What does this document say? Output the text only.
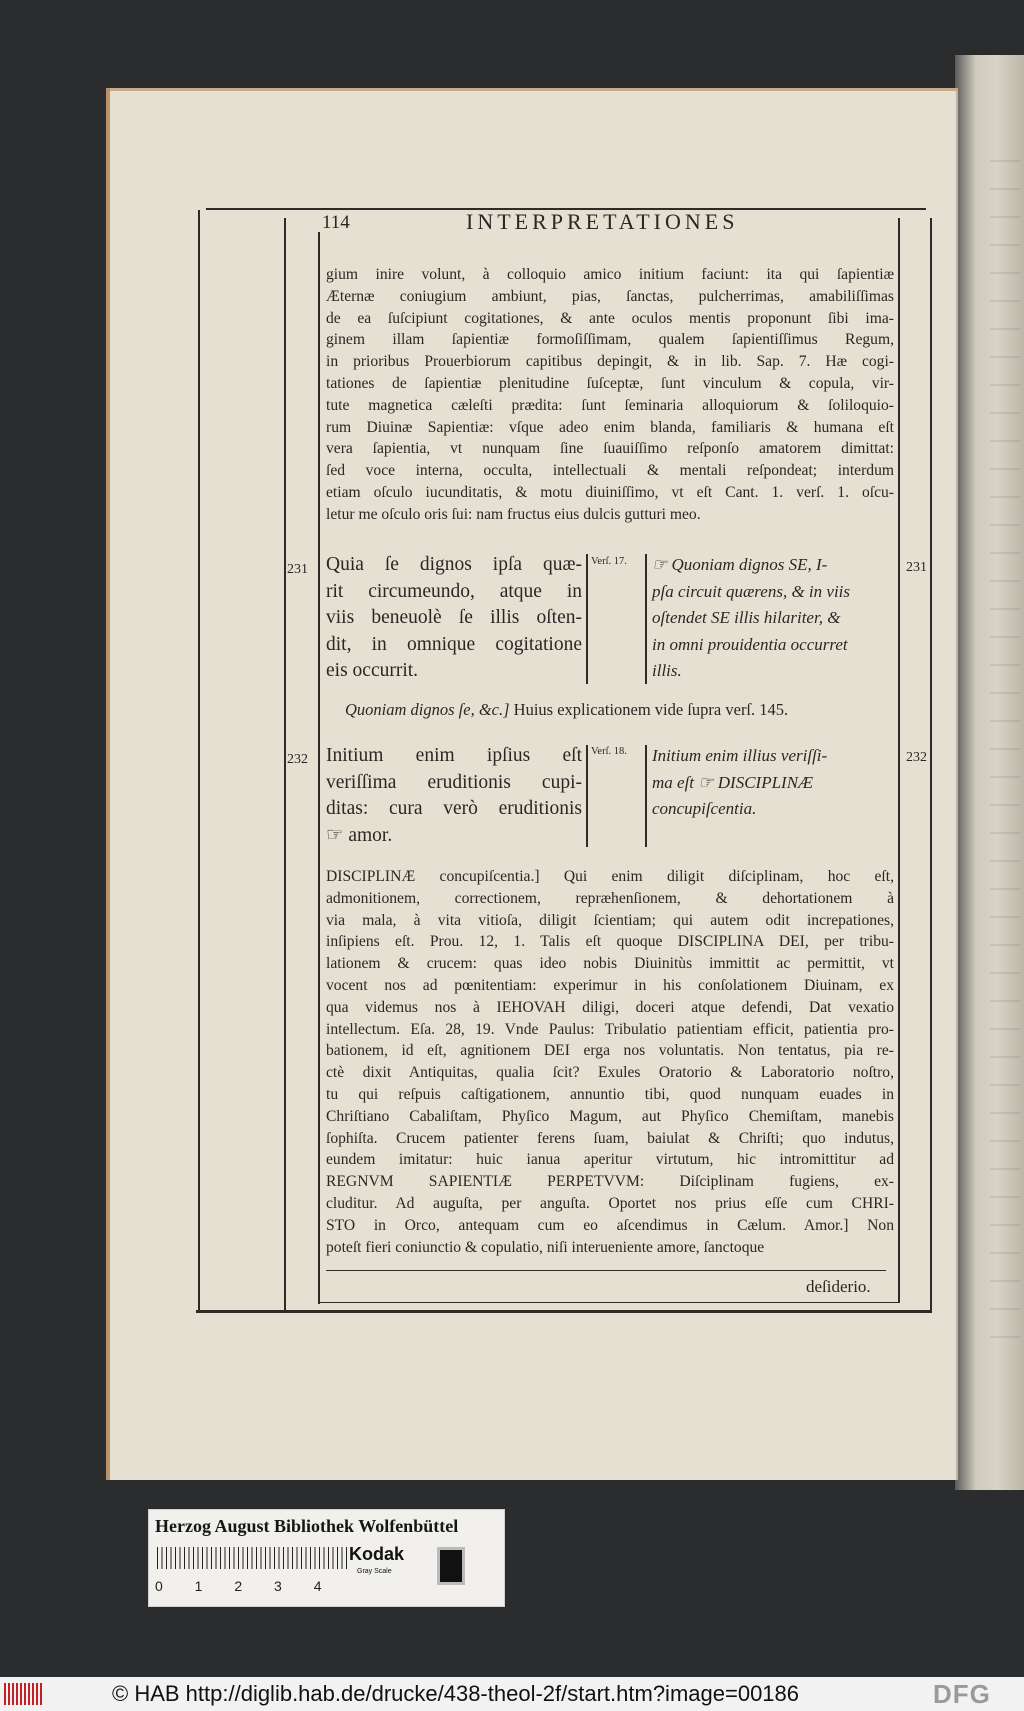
114	INTERPRETATIONES
gium inire volunt, à colloquio amico initium faciunt: ita qui ſapientiæ
Æternæ coniugium ambiunt, pias, ſanctas, pulcherrimas, amabiliſſimas
de ea ſuſcipiunt cogitationes, & ante oculos mentis proponunt ſibi ima-
ginem illam ſapientiæ formoſiſſimam, qualem ſapientiſſimus Regum,
in prioribus Prouerbiorum capitibus depingit, & in lib. Sap. 7. Hæ cogi-
tationes de ſapientiæ plenitudine ſuſceptæ, ſunt vinculum & copula, vir-
tute magnetica cæleſti prædita: ſunt ſeminaria alloquiorum & ſoliloquio-
rum Diuinæ Sapientiæ: vſque adeo enim blanda, familiaris & humana eſt
vera ſapientia, vt nunquam ſine ſuauiſſimo reſponſo amatorem dimittat:
ſed voce interna, occulta, intellectuali & mentali reſpondeat; interdum
etiam oſculo iucunditatis, & motu diuiniſſimo, vt eſt Cant. 1. verſ. 1. oſcu-
letur me oſculo oris ſui: nam fructus eius dulcis gutturi meo.
231	231
Verſ. 17.
Quia ſe dignos ipſa quæ-
rit circumeundo, atque in
viis beneuolè ſe illis oſten-
dit, in omnique cogitatione
eis occurrit.
☞ Quoniam dignos SE, I-
pſa circuit quærens, & in viis
oſtendet SE illis hilariter, &
in omni prouidentia occurret
illis.
Quoniam dignos ſe, &c.] Huius explicationem vide ſupra verſ. 145.
232	232
Verſ. 18.
Initium enim ipſius eſt
veriſſima eruditionis cupi-
ditas: cura verò eruditionis
☞ amor.
Initium enim illius veriſſi-
ma eſt ☞ DISCIPLINÆ
concupiſcentia.
DISCIPLINÆ concupiſcentia.] Qui enim diligit diſciplinam, hoc eſt,
admonitionem, correctionem, repræhenſionem, & dehortationem à
via mala, à vita vitioſa, diligit ſcientiam; qui autem odit increpationes,
inſipiens eſt. Prou. 12, 1. Talis eſt quoque DISCIPLINA DEI, per tribu-
lationem & crucem: quas ideo nobis Diuinitùs immittit ac permittit, vt
vocent nos ad pœnitentiam: experimur in his conſolationem Diuinam, ex
qua videmus nos à IEHOVAH diligi, doceri atque defendi, Dat vexatio
intellectum. Eſa. 28, 19. Vnde Paulus: Tribulatio patientiam efficit, patientia pro-
bationem, id eſt, agnitionem DEI erga nos voluntatis. Non tentatus, pia re-
ctè dixit Antiquitas, qualia ſcit? Exules Oratorio & Laboratorio noſtro,
tu qui reſpuis caſtigationem, annuntio tibi, quod nunquam euades in
Chriſtiano Cabaliſtam, Phyſico Magum, aut Phyſico Chemiſtam, manebis
ſophiſta. Crucem patienter ferens ſuam, baiulat & Chriſti; quo indutus,
eundem imitatur: huic ianua aperitur virtutum, hic intromittitur ad
REGNVM SAPIENTIÆ PERPETVVM: Diſciplinam fugiens, ex-
cluditur. Ad auguſta, per anguſta. Oportet nos prius eſſe cum CHRI-
STO in Orco, antequam cum eo aſcendimus in Cælum. Amor.] Non
poteſt fieri coniunctio & copulatio, niſi interueniente amore, ſanctoque
deſiderio.
Herzog August Bibliothek Wolfenbüttel
0 1 2 3 4
Kodak
Gray Scale
© HAB http://diglib.hab.de/drucke/438-theol-2f/start.htm?image=00186	DFG
